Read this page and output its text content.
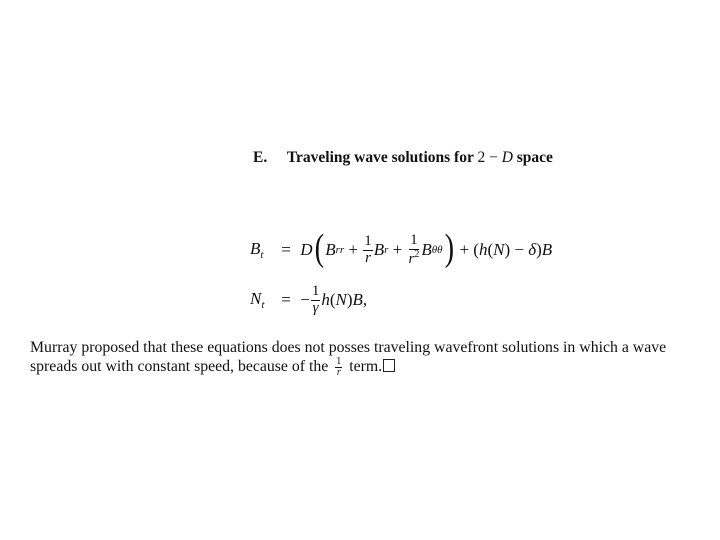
E. Traveling wave solutions for 2 − D space
$B_t$	= D ( B rr + $\frac{1}{r}$ B $r + \frac{1}{r^2}$ B θθ ) + (h(N) − δ)B
$N_t$ = − $\frac{1}{\gamma} h(N)B$,
Murray proposed that these equations does not posses traveling wavefront solutions in which a wave
spreads out with constant speed, because of the $\frac{1}{r}$ term.
